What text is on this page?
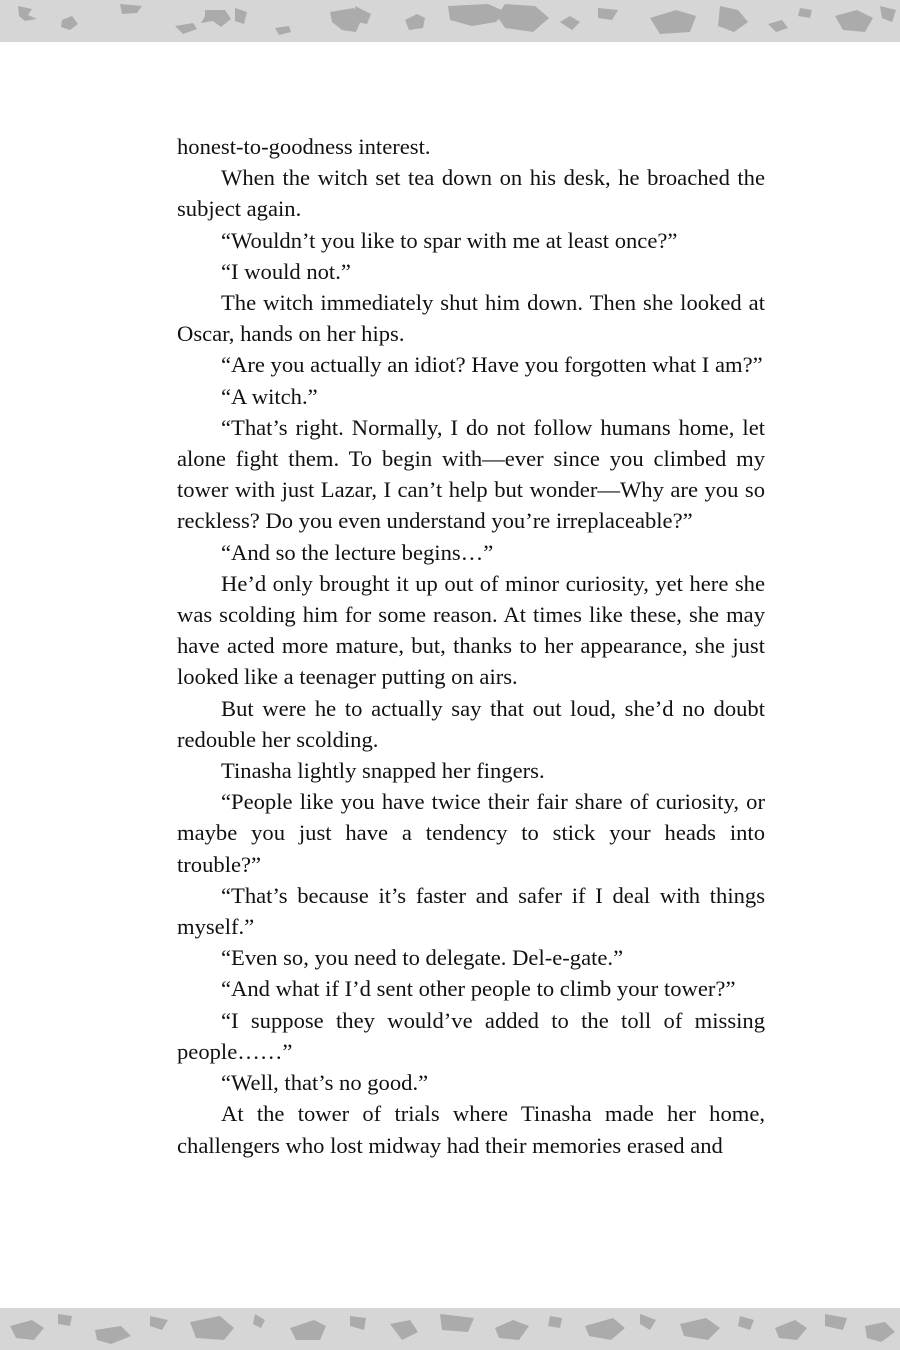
honest-to-goodness interest.

When the witch set tea down on his desk, he broached the subject again.

“Wouldn’t you like to spar with me at least once?”

“I would not.”

The witch immediately shut him down. Then she looked at Oscar, hands on her hips.

“Are you actually an idiot? Have you forgotten what I am?”

“A witch.”

“That’s right. Normally, I do not follow humans home, let alone fight them. To begin with—ever since you climbed my tower with just Lazar, I can’t help but wonder—Why are you so reckless? Do you even understand you’re irreplaceable?”

“And so the lecture begins…”

He’d only brought it up out of minor curiosity, yet here she was scolding him for some reason. At times like these, she may have acted more mature, but, thanks to her appearance, she just looked like a teenager putting on airs.

But were he to actually say that out loud, she’d no doubt redouble her scolding.

Tinasha lightly snapped her fingers.

“People like you have twice their fair share of curiosity, or maybe you just have a tendency to stick your heads into trouble?”

“That’s because it’s faster and safer if I deal with things myself.”

“Even so, you need to delegate. Del-e-gate.”

“And what if I’d sent other people to climb your tower?”

“I suppose they would’ve added to the toll of missing people……”

“Well, that’s no good.”

At the tower of trials where Tinasha made her home, challengers who lost midway had their memories erased and
